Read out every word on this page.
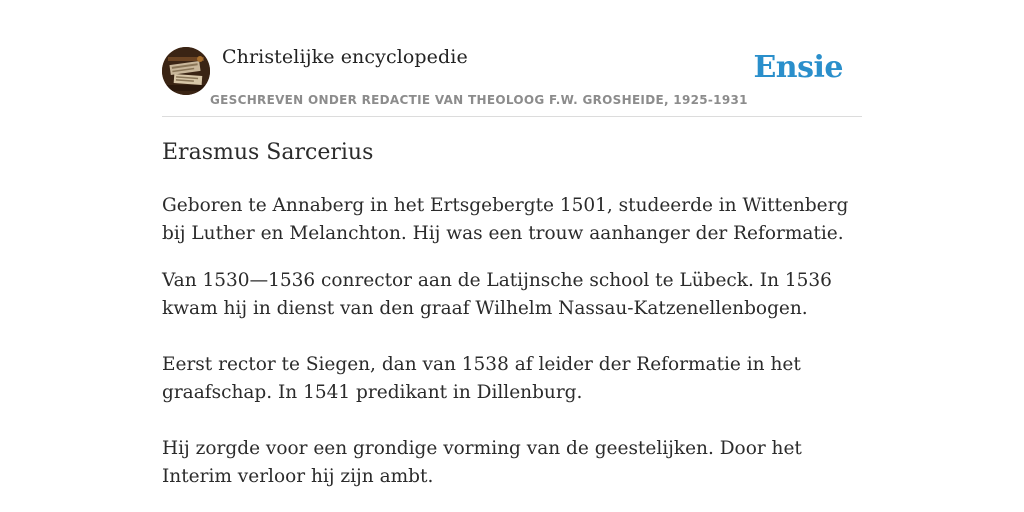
Christelijke encyclopedie
GESCHREVEN ONDER REDACTIE VAN THEOLOOG F.W. GROSHEIDE, 1925-1931
Ensie
Erasmus Sarcerius

Geboren te Annaberg in het Ertsgebergte 1501, studeerde in Wittenberg bij Luther en Melanchton. Hij was een trouw aanhanger der Reformatie.

Van 1530—1536 conrector aan de Latijnsche school te Lübeck. In 1536 kwam hij in dienst van den graaf Wilhelm Nassau-Katzenellenbogen.

Eerst rector te Siegen, dan van 1538 af leider der Reformatie in het graafschap. In 1541 predikant in Dillenburg.

Hij zorgde voor een grondige vorming van de geestelijken. Door het Interim verloor hij zijn ambt.
